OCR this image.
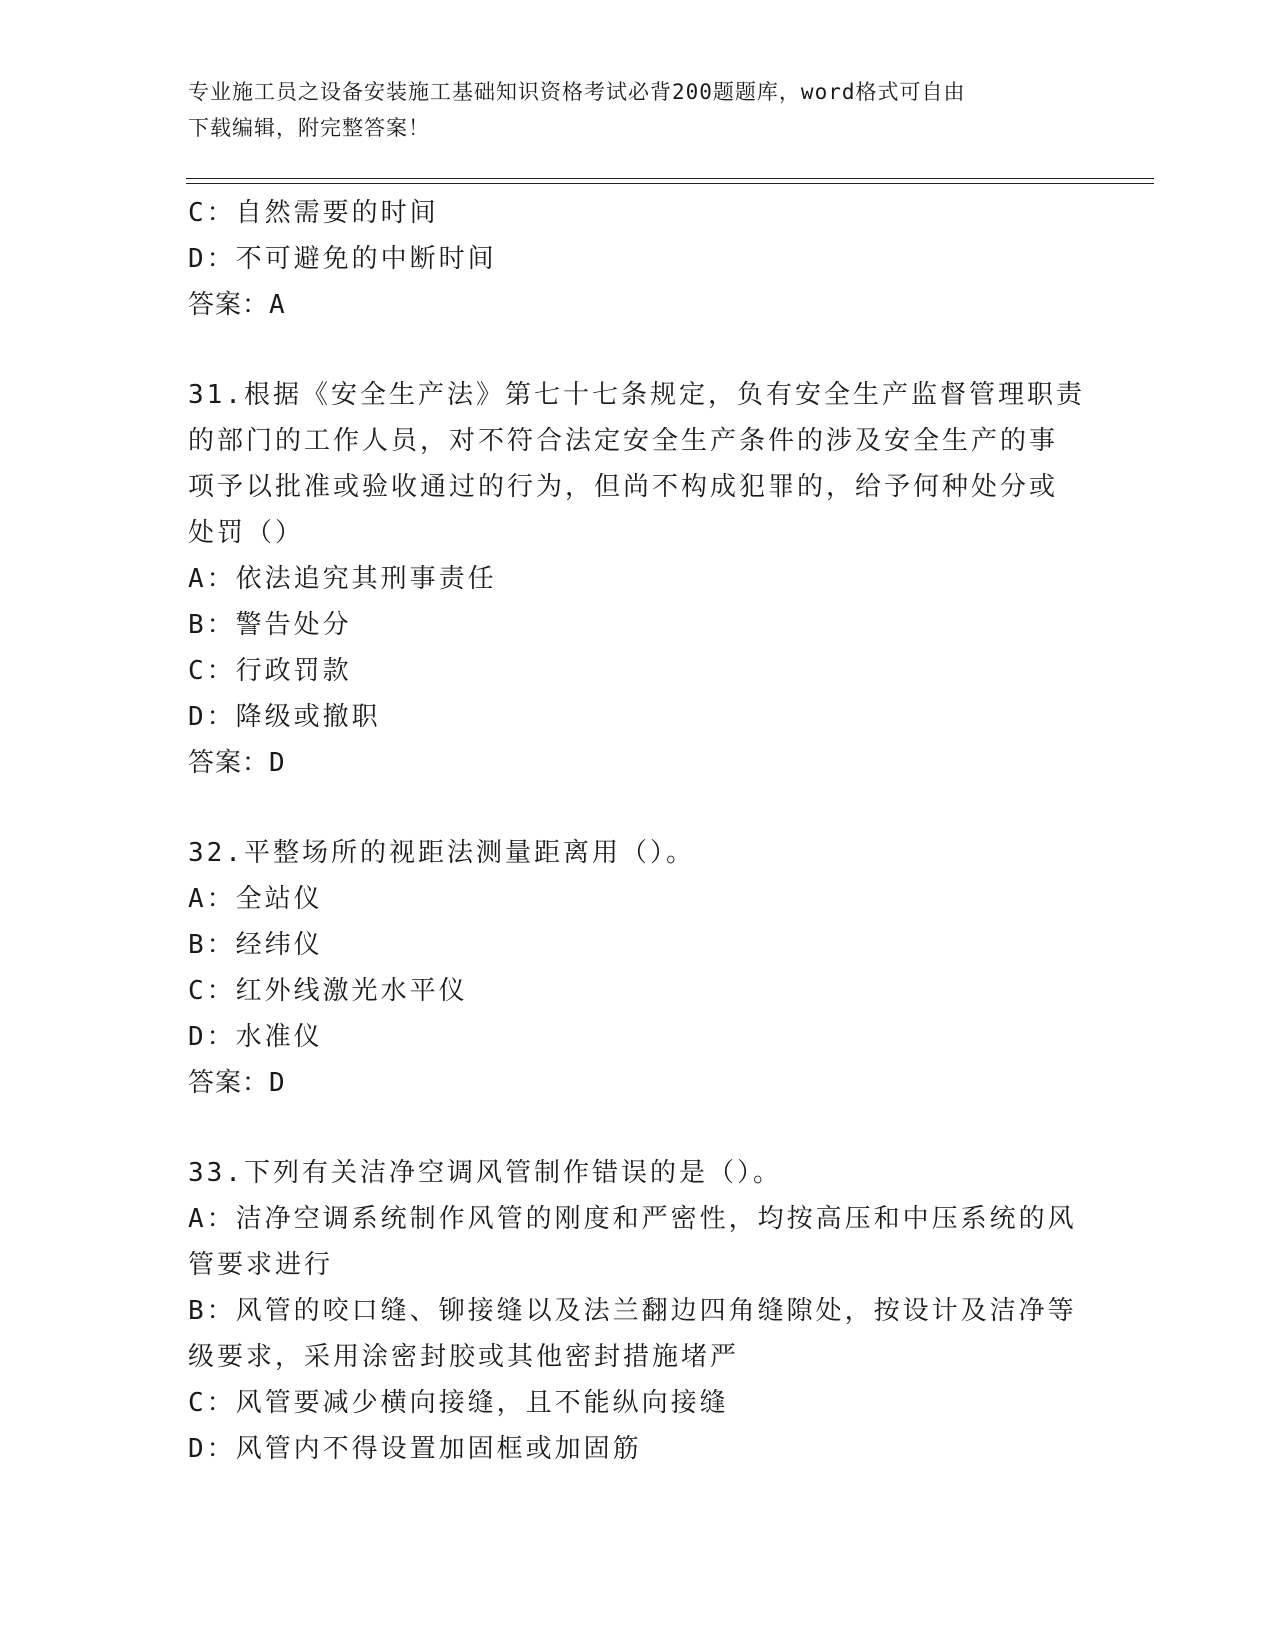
专业施工员之设备安装施工基础知识资格考试必背200题题库，word格式可自由
下载编辑，附完整答案！
C：自然需要的时间
D：不可避免的中断时间
答案：A
31.根据《安全生产法》第七十七条规定，负有安全生产监督管理职责
的部门的工作人员，对不符合法定安全生产条件的涉及安全生产的事
项予以批准或验收通过的行为，但尚不构成犯罪的，给予何种处分或
处罚（）
A：依法追究其刑事责任
B：警告处分
C：行政罚款
D：降级或撤职
答案：D
32.平整场所的视距法测量距离用（）。
A：全站仪
B：经纬仪
C：红外线激光水平仪
D：水准仪
答案：D
33.下列有关洁净空调风管制作错误的是（）。
A：洁净空调系统制作风管的刚度和严密性，均按高压和中压系统的风
管要求进行
B：风管的咬口缝、铆接缝以及法兰翻边四角缝隙处，按设计及洁净等
级要求，采用涂密封胶或其他密封措施堵严
C：风管要减少横向接缝，且不能纵向接缝
D：风管内不得设置加固框或加固筋
